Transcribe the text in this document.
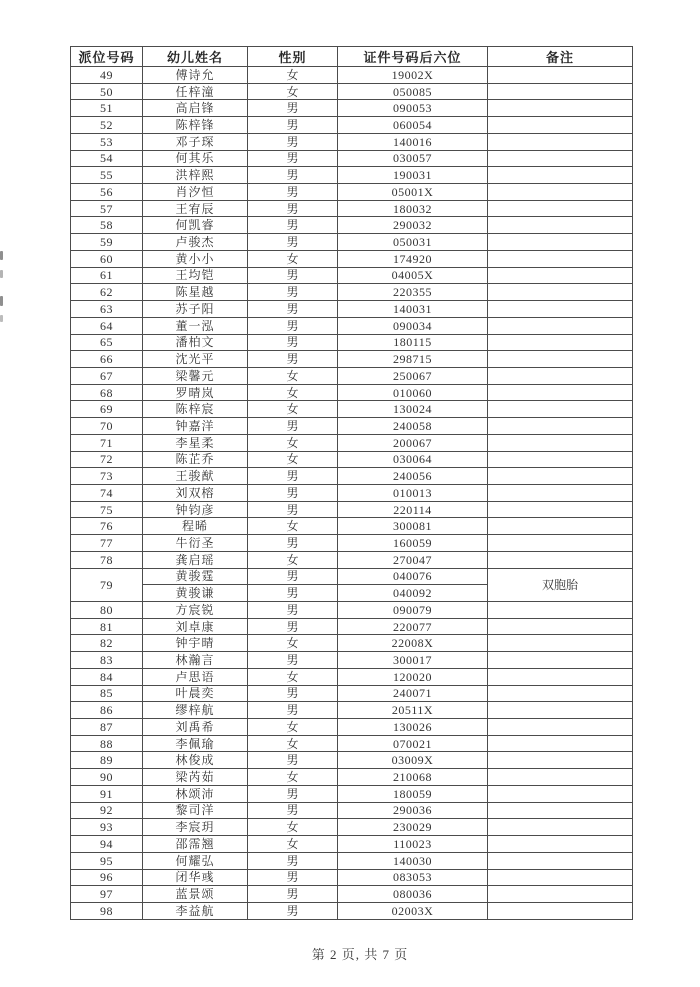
派位号码	幼儿姓名	性别	证件号码后六位	备注
49	傅诗允	女	19002X	
50	任梓潼	女	050085	
51	高启锋	男	090053	
52	陈梓锋	男	060054	
53	邓子琛	男	140016	
54	何其乐	男	030057	
55	洪梓熙	男	190031	
56	肖汐恒	男	05001X	
57	王宥辰	男	180032	
58	何凯睿	男	290032	
59	卢骏杰	男	050031	
60	黄小小	女	174920	
61	王均铠	男	04005X	
62	陈星越	男	220355	
63	苏子阳	男	140031	
64	董一泓	男	090034	
65	潘柏文	男	180115	
66	沈光平	男	298715	
67	梁馨元	女	250067	
68	罗晴岚	女	010060	
69	陈梓宸	女	130024	
70	钟嘉洋	男	240058	
71	李星柔	女	200067	
72	陈芷乔	女	030064	
73	王骏猷	男	240056	
74	刘双榕	男	010013	
75	钟钧彦	男	220114	
76	程晞	女	300081	
77	牛衍圣	男	160059	
78	龚启瑶	女	270047	
79	黄骏霆	男	040076	双胞胎
	黄骏谦	男	040092	
80	方宸锐	男	090079	
81	刘卓康	男	220077	
82	钟宇晴	女	22008X	
83	林瀚言	男	300017	
84	卢思语	女	120020	
85	叶晨奕	男	240071	
86	缪梓航	男	20511X	
87	刘禹希	女	130026	
88	李佩瑜	女	070021	
89	林俊成	男	03009X	
90	梁芮茹	女	210068	
91	林颂沛	男	180059	
92	黎司洋	男	290036	
93	李宸玥	女	230029	
94	邵霈翘	女	110023	
95	何耀弘	男	140030	
96	闭华彧	男	083053	
97	蓝景颂	男	080036	
98	李益航	男	02003X	
第 2 页, 共 7 页
